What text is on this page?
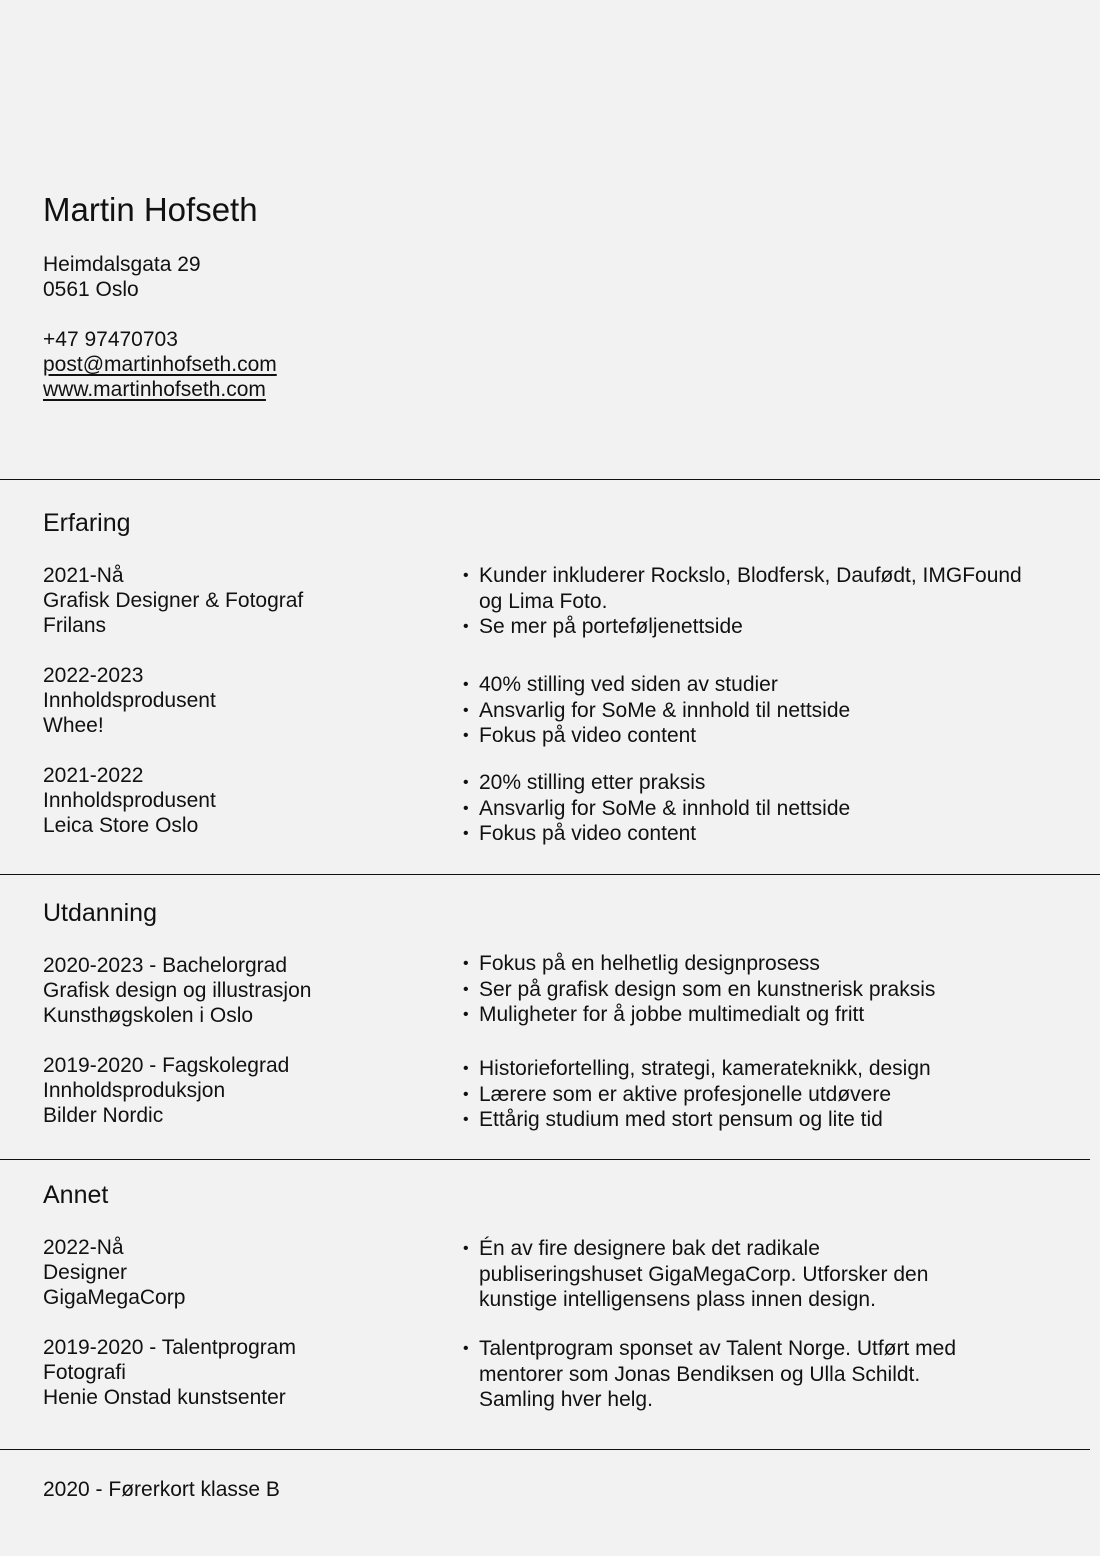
Martin Hofseth
Heimdalsgata 29
0561 Oslo
+47 97470703
post@martinhofseth.com
www.martinhofseth.com
Erfaring
2021-Nå
Grafisk Designer & Fotograf
Frilans
• Kunder inkluderer Rockslo, Blodfersk, Daufødt, IMGFound og Lima Foto.
• Se mer på porteføljenettside
2022-2023
Innholdsprodusent
Whee!
• 40% stilling ved siden av studier
• Ansvarlig for SoMe & innhold til nettside
• Fokus på video content
2021-2022
Innholdsprodusent
Leica Store Oslo
• 20% stilling etter praksis
• Ansvarlig for SoMe & innhold til nettside
• Fokus på video content
Utdanning
2020-2023 - Bachelorgrad
Grafisk design og illustrasjon
Kunsthøgskolen i Oslo
• Fokus på en helhetlig designprosess
• Ser på grafisk design som en kunstnerisk praksis
• Muligheter for å jobbe multimedialt og fritt
2019-2020 - Fagskolegrad
Innholdsproduksjon
Bilder Nordic
• Historiefortelling, strategi, kamerateknikk, design
• Lærere som er aktive profesjonelle utdøvere
• Ettårig studium med stort pensum og lite tid
Annet
2022-Nå
Designer
GigaMegaCorp
• Én av fire designere bak det radikale publiseringshuset GigaMegaCorp. Utforsker den kunstige intelligensens plass innen design.
2019-2020 - Talentprogram
Fotografi
Henie Onstad kunstsenter
• Talentprogram sponset av Talent Norge. Utført med mentorer som Jonas Bendiksen og Ulla Schildt. Samling hver helg.
2020 - Førerkort klasse B
